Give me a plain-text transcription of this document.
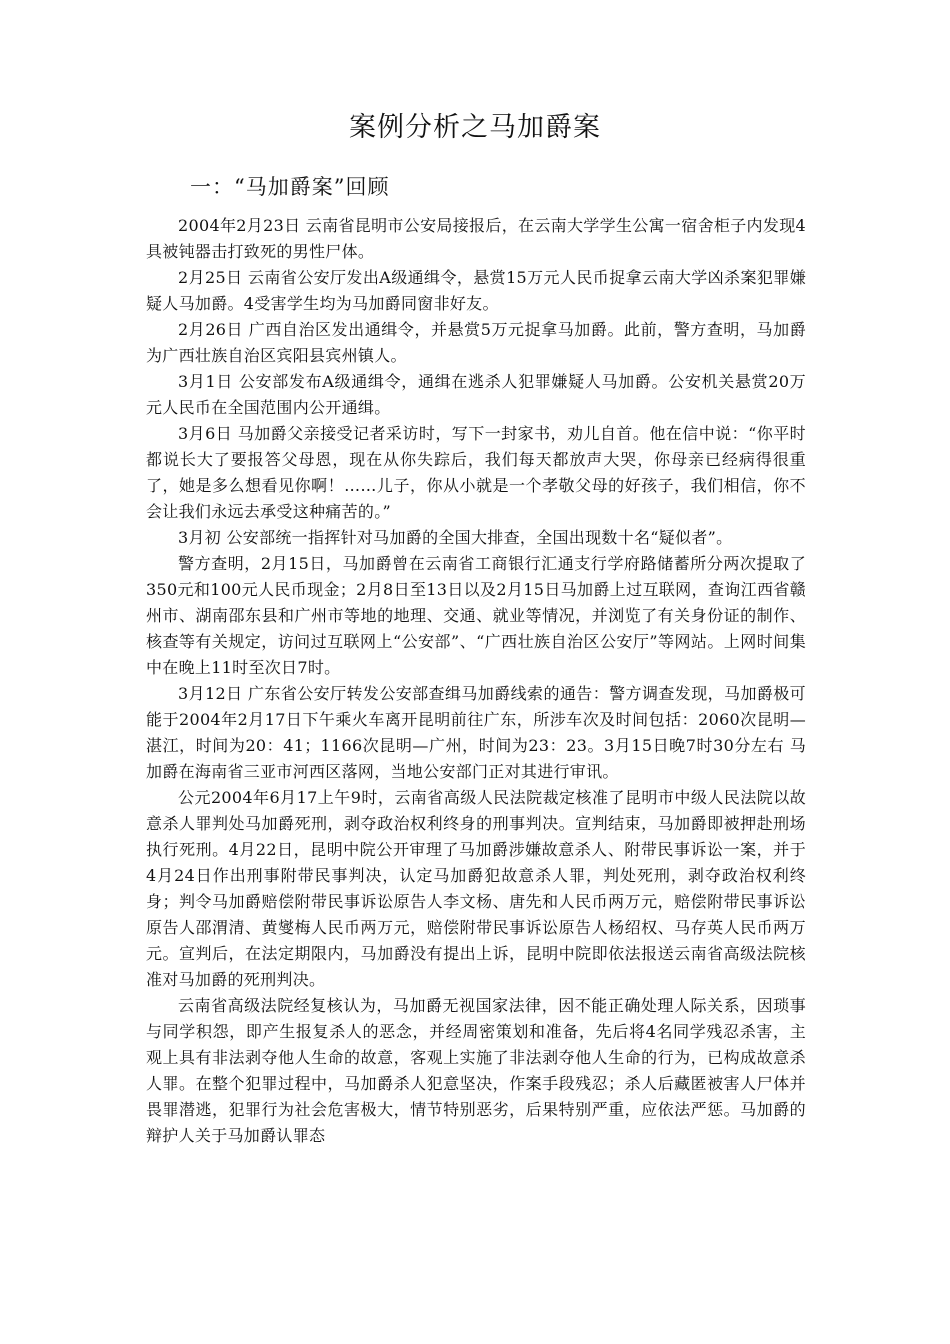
案例分析之马加爵案
一：“马加爵案”回顾

2004年2月23日 云南省昆明市公安局接报后，在云南大学学生公寓一宿舍柜子内发现4具被钝器击打致死的男性尸体。

2月25日 云南省公安厅发出A级通缉令，悬赏15万元人民币捉拿云南大学凶杀案犯罪嫌疑人马加爵。4受害学生均为马加爵同窗非好友。

2月26日 广西自治区发出通缉令，并悬赏5万元捉拿马加爵。此前，警方查明，马加爵为广西壮族自治区宾阳县宾州镇人。

3月1日 公安部发布A级通缉令，通缉在逃杀人犯罪嫌疑人马加爵。公安机关悬赏20万元人民币在全国范围内公开通缉。

3月6日 马加爵父亲接受记者采访时，写下一封家书，劝儿自首。他在信中说：“你平时都说长大了要报答父母恩，现在从你失踪后，我们每天都放声大哭，你母亲已经病得很重了，她是多么想看见你啊！……儿子，你从小就是一个孝敬父母的好孩子，我们相信，你不会让我们永远去承受这种痛苦的。”

3月初 公安部统一指挥针对马加爵的全国大排查，全国出现数十名“疑似者”。

警方查明，2月15日，马加爵曾在云南省工商银行汇通支行学府路储蓄所分两次提取了350元和100元人民币现金；2月8日至13日以及2月15日马加爵上过互联网，查询江西省赣州市、湖南邵东县和广州市等地的地理、交通、就业等情况，并浏览了有关身份证的制作、核查等有关规定，访问过互联网上“公安部”、“广西壮族自治区公安厅”等网站。上网时间集中在晚上11时至次日7时。

3月12日 广东省公安厅转发公安部查缉马加爵线索的通告：警方调查发现，马加爵极可能于2004年2月17日下午乘火车离开昆明前往广东，所涉车次及时间包括：2060次昆明—湛江，时间为20：41；1166次昆明—广州，时间为23：23。3月15日晚7时30分左右 马加爵在海南省三亚市河西区落网，当地公安部门正对其进行审讯。

公元2004年6月17上午9时，云南省高级人民法院裁定核准了昆明市中级人民法院以故意杀人罪判处马加爵死刑，剥夺政治权利终身的刑事判决。宣判结束，马加爵即被押赴刑场执行死刑。4月22日，昆明中院公开审理了马加爵涉嫌故意杀人、附带民事诉讼一案，并于4月24日作出刑事附带民事判决，认定马加爵犯故意杀人罪，判处死刑，剥夺政治权利终身；判令马加爵赔偿附带民事诉讼原告人李文杨、唐先和人民币两万元，赔偿附带民事诉讼原告人邵渭清、黄燮梅人民币两万元，赔偿附带民事诉讼原告人杨绍权、马存英人民币两万元。宣判后，在法定期限内，马加爵没有提出上诉，昆明中院即依法报送云南省高级法院核准对马加爵的死刑判决。

云南省高级法院经复核认为，马加爵无视国家法律，因不能正确处理人际关系，因琐事与同学积怨，即产生报复杀人的恶念，并经周密策划和准备，先后将4名同学残忍杀害，主观上具有非法剥夺他人生命的故意，客观上实施了非法剥夺他人生命的行为，已构成故意杀人罪。在整个犯罪过程中，马加爵杀人犯意坚决，作案手段残忍；杀人后藏匿被害人尸体并畏罪潜逃，犯罪行为社会危害极大，情节特别恶劣，后果特别严重，应依法严惩。马加爵的辩护人关于马加爵认罪态
